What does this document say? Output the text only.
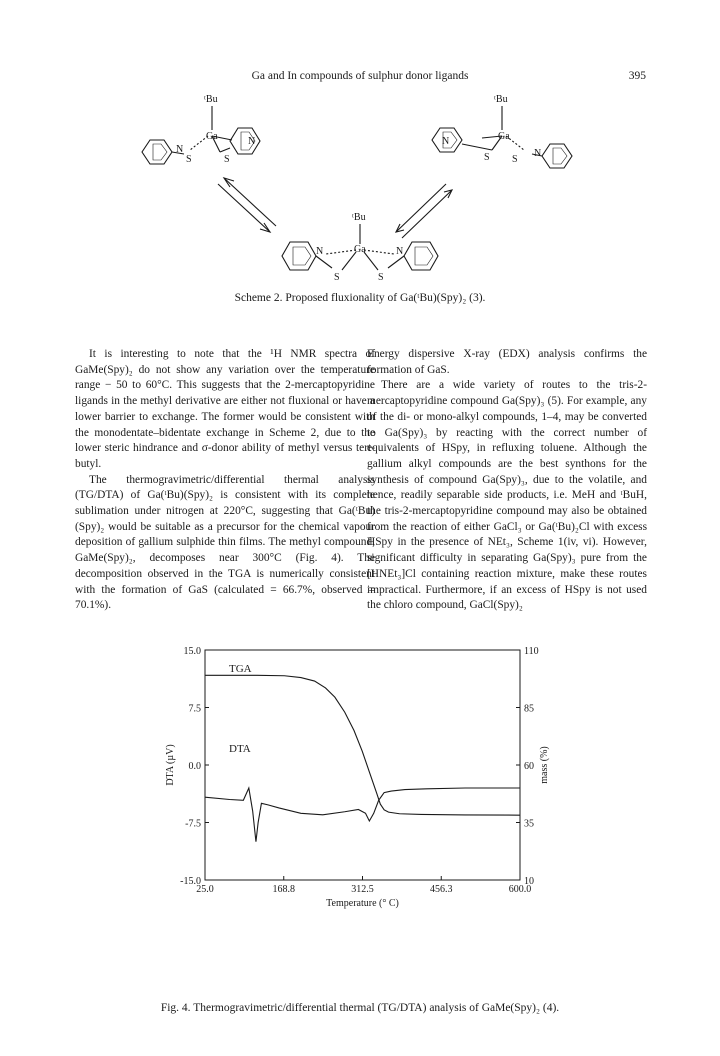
Ga and In compounds of sulphur donor ligands	395
ᵗBu
Ga	N
N
S	S
ᵗBu
Ga
N
N
S S
ᵗBu
Ga
N	N
S	S
Scheme 2. Proposed fluxionality of Ga(ᵗBu)(Spy)₂ (3).

It is interesting to note that the ¹H NMR spectra of GaMe(Spy)₂ do not show any variation over the temperature range − 50 to 60°C. This suggests that the 2-mercaptopyridine ligands in the methyl derivative are either not fluxional or have a lower barrier to exchange. The former would be consistent with the monodentate–bidentate exchange in Scheme 2, due to the lower steric hindrance and σ-donor ability of methyl versus tert-butyl.

The thermogravimetric/differential thermal analysis (TG/DTA) of Ga(ᵗBu)(Spy)₂ is consistent with its complete sublimation under nitrogen at 220°C, suggesting that Ga(ᵗBu)(Spy)₂ would be suitable as a precursor for the chemical vapour deposition of gallium sulphide thin films. The methyl compound, GaMe(Spy)₂, decomposes near 300°C (Fig. 4). The decomposition observed in the TGA is numerically consistent with the formation of GaS (calculated = 66.7%, observed = 70.1%).

Energy dispersive X-ray (EDX) analysis confirms the formation of GaS.

There are a wide variety of routes to the tris-2-mercaptopyridine compound Ga(Spy)₃ (5). For example, any of the di- or mono-alkyl compounds, 1–4, may be converted to Ga(Spy)₃ by reacting with the correct number of equivalents of HSpy, in refluxing toluene. Although the gallium alkyl compounds are the best synthons for the synthesis of compound Ga(Spy)₃, due to the volatile, and hence, readily separable side products, i.e. MeH and ᵗBuH, the tris-2-mercaptopyridine compound may also be obtained from the reaction of either GaCl₃ or Ga(ᵗBu)₂Cl with excess HSpy in the presence of NEt₃, Scheme 1(iv, vi). However, significant difficulty in separating Ga(Spy)₃ pure from the [HNEt₃]Cl containing reaction mixture, make these routes impractical. Furthermore, if an excess of HSpy is not used the chloro compound, GaCl(Spy)₂

25.0	168.8	312.5	456.3	600.0
15.0
7.5
0.0
-7.5
-15.0
110
85
60
35
10
Temperature (° C)
DTA (µV)	mass (%)
TGA
DTA
Fig. 4. Thermogravimetric/differential thermal (TG/DTA) analysis of GaMe(Spy)₂ (4).
